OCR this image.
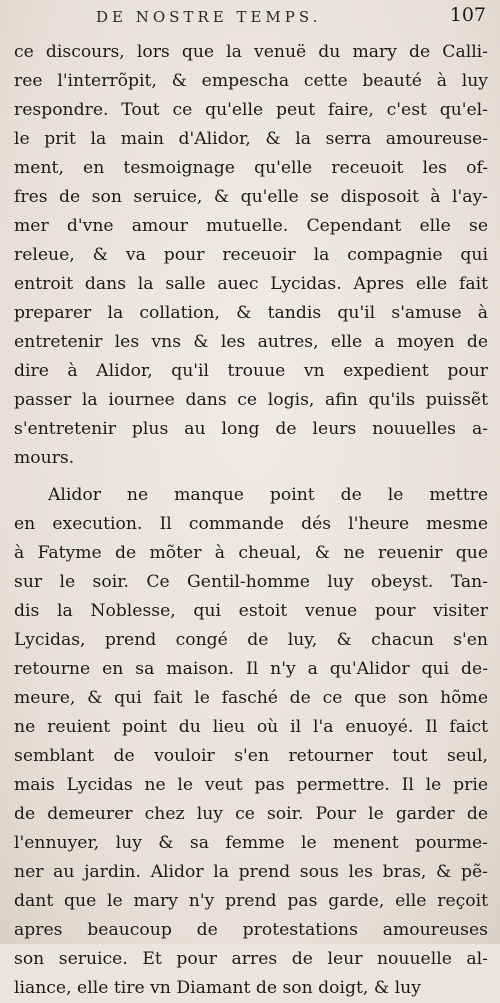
DE NOSTRE TEMPS.	107
ce discours, lors que la venuë du mary de Calli-
ree l'interrõpit, & empescha cette beauté à luy
respondre. Tout ce qu'elle peut faire, c'est qu'el-
le prit la main d'Alidor, & la serra amoureuse-
ment, en tesmoignage qu'elle receuoit les of-
fres de son seruice, & qu'elle se disposoit à l'ay-
mer d'vne amour mutuelle. Cependant elle se
releue, & va pour receuoir la compagnie qui
entroit dans la salle auec Lycidas. Apres elle fait
preparer la collation, & tandis qu'il s'amuse à
entretenir les vns & les autres, elle a moyen de
dire à Alidor, qu'il trouue vn expedient pour
passer la iournee dans ce logis, afin qu'ils puissẽt
s'entretenir plus au long de leurs nouuelles a-
mours.
Alidor ne manque point de le mettre
en execution. Il commande dés l'heure mesme
à Fatyme de mõter à cheual, & ne reuenir que
sur le soir. Ce Gentil-homme luy obeyst. Tan-
dis la Noblesse, qui estoit venue pour visiter
Lycidas, prend congé de luy, & chacun s'en
retourne en sa maison. Il n'y a qu'Alidor qui de-
meure, & qui fait le fasché de ce que son hõme
ne reuient point du lieu où il l'a enuoyé. Il faict
semblant de vouloir s'en retourner tout seul,
mais Lycidas ne le veut pas permettre. Il le prie
de demeurer chez luy ce soir. Pour le garder de
l'ennuyer, luy & sa femme le menent pourme-
ner au jardin. Alidor la prend sous les bras, & pẽ-
dant que le mary n'y prend pas garde, elle reçoit
apres beaucoup de protestations amoureuses
son seruice. Et pour arres de leur nouuelle al-
liance, elle tire vn Diamant de son doigt, & luy
